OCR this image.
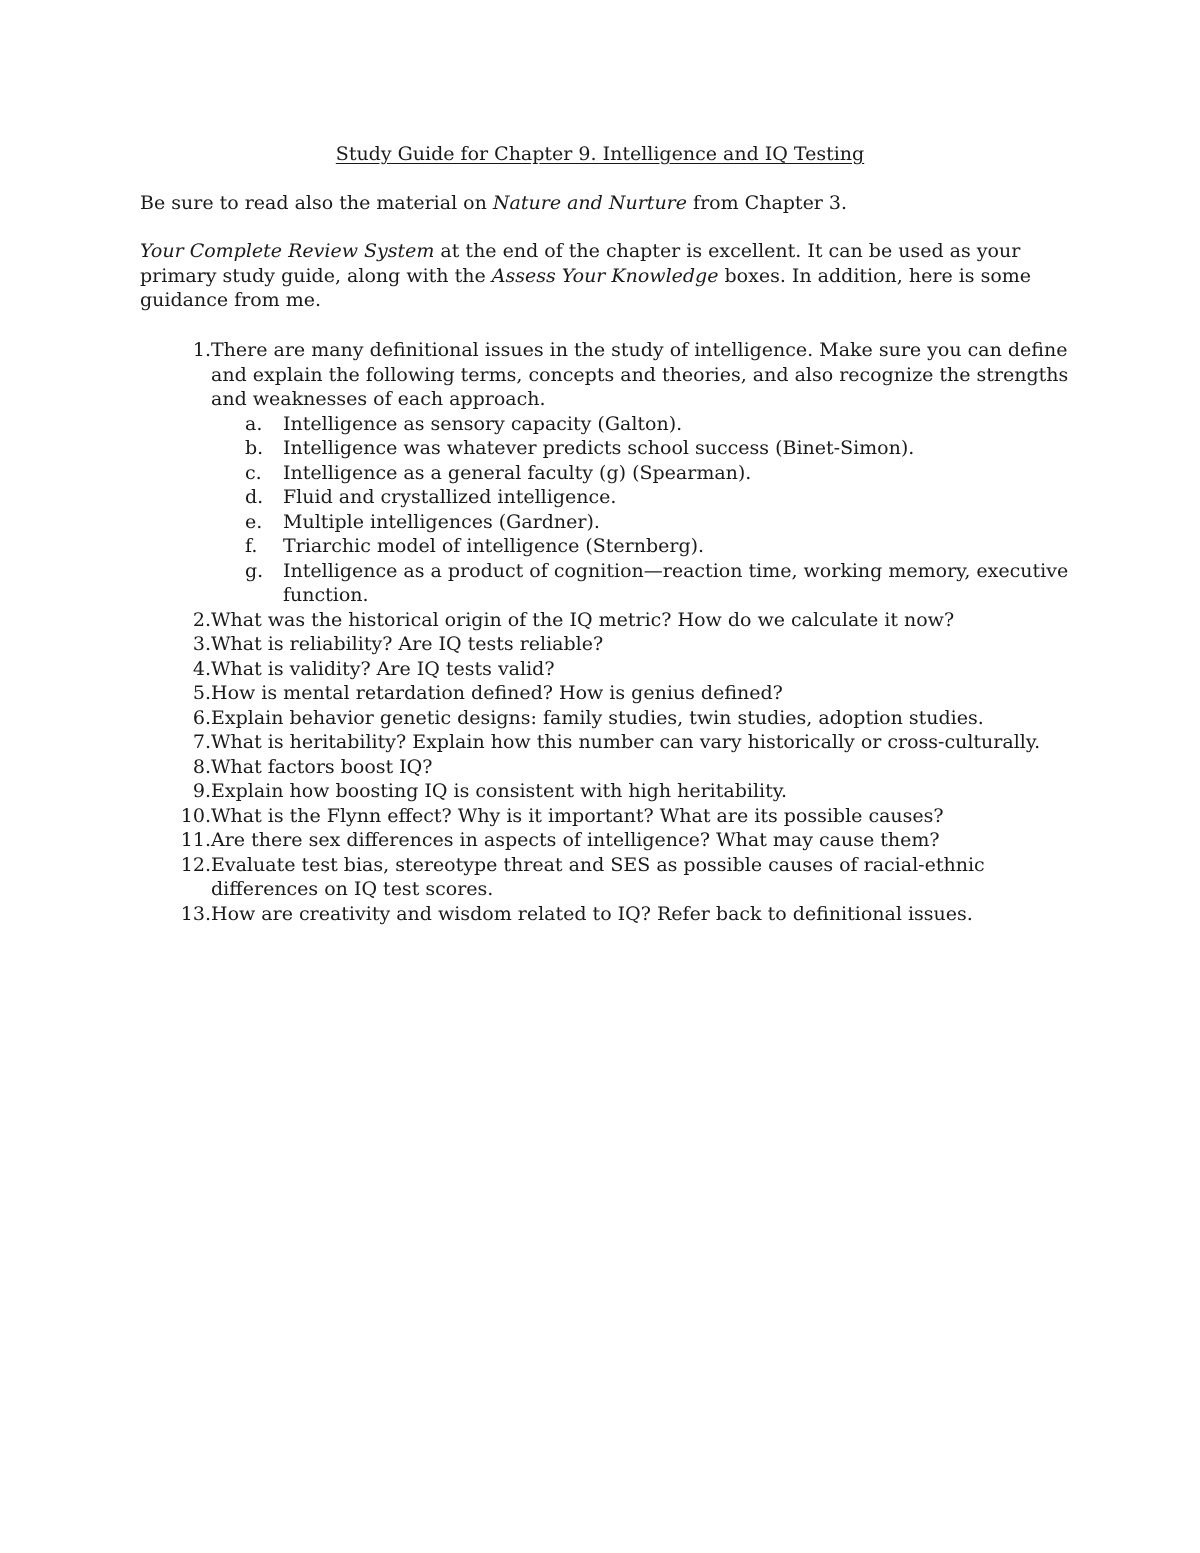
Study Guide for Chapter 9. Intelligence and IQ Testing

Be sure to read also the material on Nature and Nurture from Chapter 3.

Your Complete Review System at the end of the chapter is excellent. It can be used as your primary study guide, along with the Assess Your Knowledge boxes. In addition, here is some guidance from me.

1. There are many definitional issues in the study of intelligence. Make sure you can define and explain the following terms, concepts and theories, and also recognize the strengths and weaknesses of each approach.
a.	Intelligence as sensory capacity (Galton).
b.	Intelligence was whatever predicts school success (Binet-Simon).
c.	Intelligence as a general faculty (g) (Spearman).
d.	Fluid and crystallized intelligence.
e.	Multiple intelligences (Gardner).
f.	Triarchic model of intelligence (Sternberg).
g.	Intelligence as a product of cognition—reaction time, working memory, executive function.
2. What was the historical origin of the IQ metric? How do we calculate it now?
3. What is reliability? Are IQ tests reliable?
4. What is validity? Are IQ tests valid?
5. How is mental retardation defined? How is genius defined?
6. Explain behavior genetic designs: family studies, twin studies, adoption studies.
7. What is heritability? Explain how this number can vary historically or cross-culturally.
8. What factors boost IQ?
9. Explain how boosting IQ is consistent with high heritability.
10. What is the Flynn effect? Why is it important? What are its possible causes?
11. Are there sex differences in aspects of intelligence? What may cause them?
12. Evaluate test bias, stereotype threat and SES as possible causes of racial-ethnic differences on IQ test scores.
13. How are creativity and wisdom related to IQ? Refer back to definitional issues.
